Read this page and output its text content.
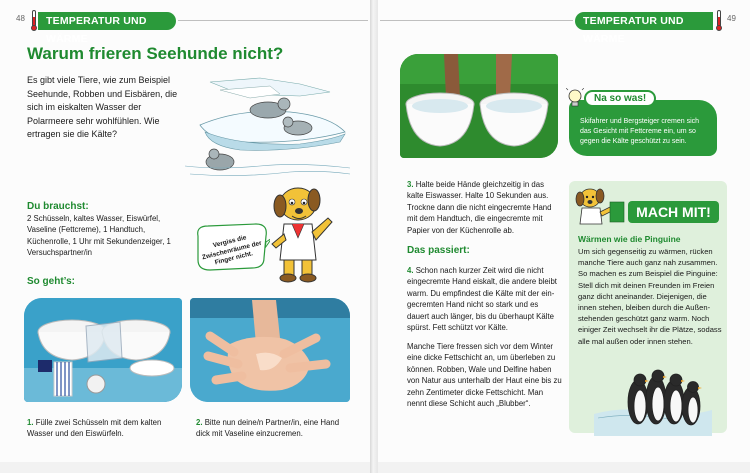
48	TEMPERATUR UND WÄRME
Warum frieren Seehunde nicht?
Es gibt viele Tiere, wie zum Beispiel Seehunde, Robben und Eisbären, die sich im eiskalten Wasser der Polarmeere sehr wohlfühlen. Wie ertragen sie die Kälte?
Du brauchst:
2 Schüsseln, kaltes Wasser, Eiswürfel, Vaseline (Fettcreme), 1 Handtuch, Küchenrolle, 1 Uhr mit Sekundenzeiger, 1 Versuchspartner/in
So geht’s:
Vergiss die Zwischenräume der Finger nicht.
1. Fülle zwei Schüsseln mit dem kalten Wasser und den Eiswürfeln.
2. Bitte nun deine/n Partner/in, eine Hand dick mit Vaseline einzucremen.
TEMPERATUR UND WÄRME
49
3. Halte beide Hände gleichzeitig in das kalte Eiswasser. Halte 10 Sekunden aus. Trockne dann die nicht eingecremte Hand mit dem Handtuch, die eingecremte mit Papier von der Küchenrolle ab.
Das passiert:
4. Schon nach kurzer Zeit wird die nicht eingecremte Hand eiskalt, die andere bleibt warm. Du empfindest die Kälte mit der ein-gecremten Hand nicht so stark und es dauert auch länger, bis du überhaupt Kälte spürst. Fett schützt vor Kälte.
Manche Tiere fressen sich vor dem Winter eine dicke Fettschicht an, um überleben zu können. Robben, Wale und Delfine haben von Natur aus unterhalb der Haut eine bis zu zehn Zentimeter dicke Fettschicht. Man nennt diese Schicht auch „Blubber“.
Na so was!
Skifahrer und Bergsteiger cremen sich das Gesicht mit Fettcreme ein, um so gegen die Kälte geschützt zu sein.
MACH MIT!
Wärmen wie die Pinguine
Um sich gegenseitig zu wärmen, rücken manche Tiere auch ganz nah zusammen. So machen es zum Beispiel die Pinguine: Stell dich mit deinen Freunden im Freien ganz dicht aneinander. Diejenigen, die innen stehen, bleiben durch die Außen-stehenden geschützt ganz warm. Noch einiger Zeit wechselt ihr die Plätze, sodass alle mal außen oder innen stehen.
